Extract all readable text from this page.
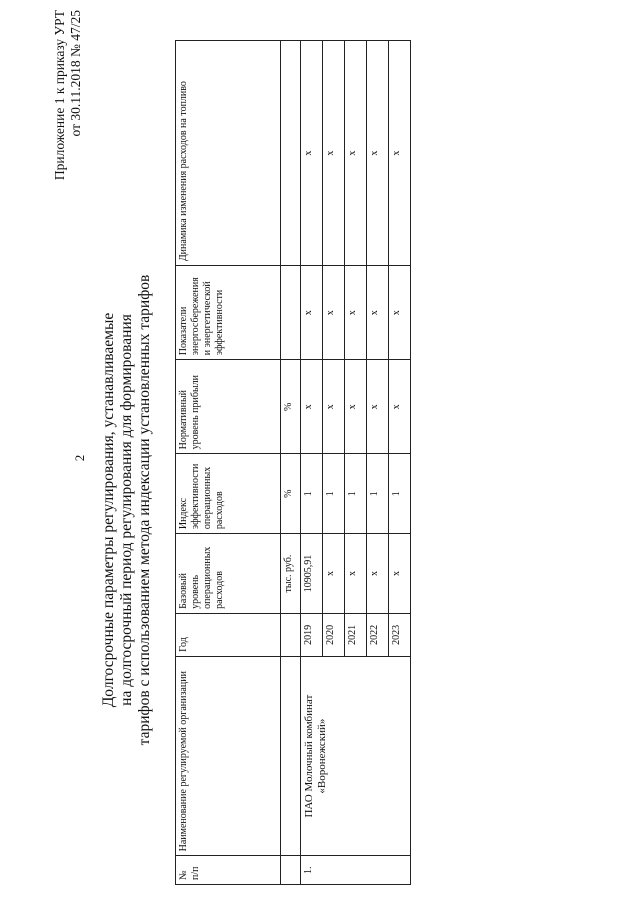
2
Приложение 1 к приказу УРТ от 30.11.2018 № 47/25
Долгосрочные параметры регулирования, устанавливаемые на долгосрочный период регулирования для формирования тарифов с использованием метода индексации установленных тарифов
№ п/п	Наименование регулируемой организации	Год	Базовый уровень операционных расходов	Индекс эффективности операционных расходов	Нормативный уровень прибыли	Показатели энергосбережения и энергетической эффективности	Динамика изменения расходов на топливо
			тыс. руб.	%	%		
1.	ПАО Молочный комбинат «Воронежский»	2019	10905,91	1	x	x	x
		2020	x	1	x	x	x
		2021	x	1	x	x	x
		2022	x	1	x	x	x
		2023	x	1	x	x	x
